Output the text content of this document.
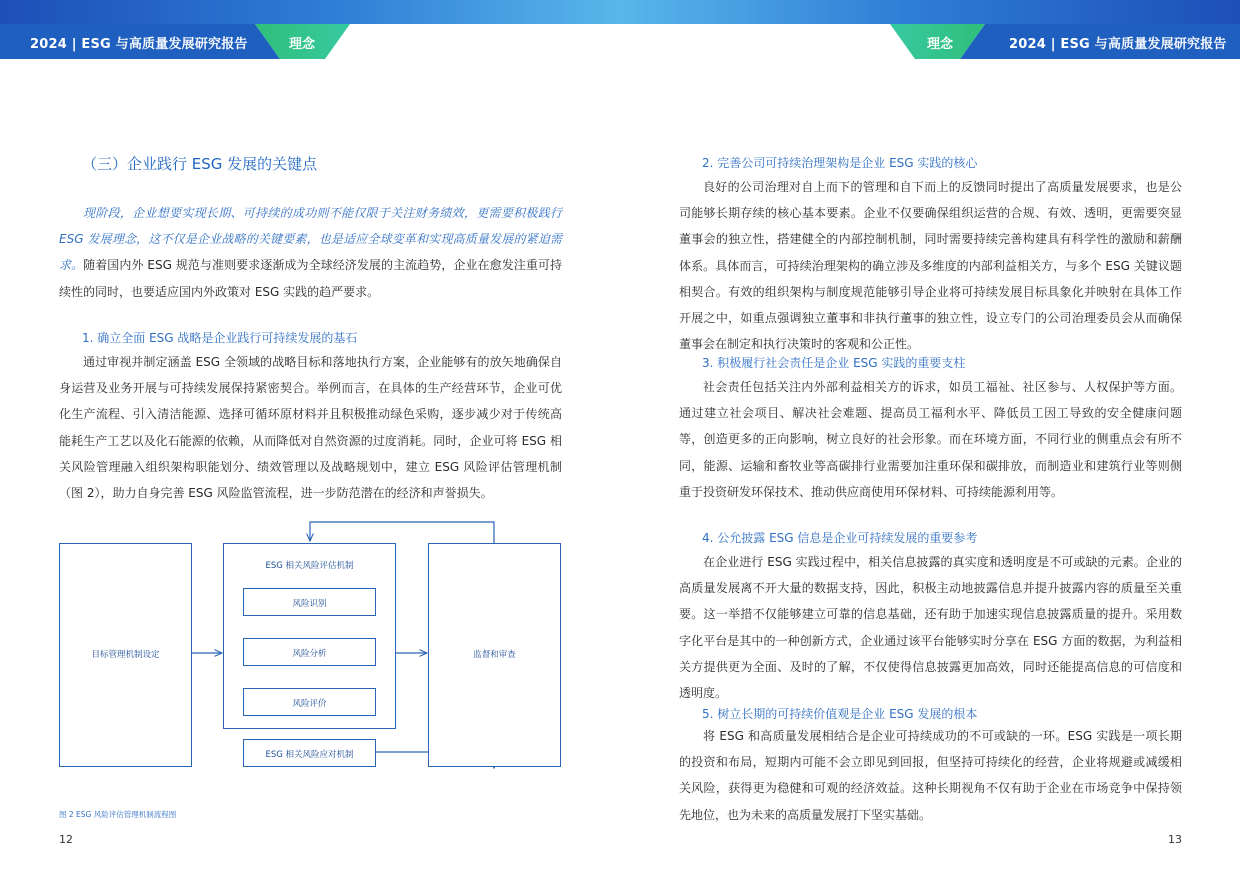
2024 | ESG 与高质量发展研究报告	理念	理念	2024 | ESG 与高质量发展研究报告
（三）企业践行 ESG 发展的关键点

现阶段，企业想要实现长期、可持续的成功则不能仅限于关注财务绩效，更需要积极践行 ESG 发展理念，这不仅是企业战略的关键要素，也是适应全球变革和实现高质量发展的紧迫需求。随着国内外 ESG 规范与准则要求逐渐成为全球经济发展的主流趋势，企业在愈发注重可持续性的同时，也要适应国内外政策对 ESG 实践的趋严要求。

1. 确立全面 ESG 战略是企业践行可持续发展的基石

通过审视并制定涵盖 ESG 全领域的战略目标和落地执行方案，企业能够有的放矢地确保自身运营及业务开展与可持续发展保持紧密契合。举例而言，在具体的生产经营环节，企业可优化生产流程、引入清洁能源、选择可循环原材料并且积极推动绿色采购，逐步减少对于传统高能耗生产工艺以及化石能源的依赖，从而降低对自然资源的过度消耗。同时，企业可将 ESG 相关风险管理融入组织架构职能划分、绩效管理以及战略规划中，建立 ESG 风险评估管理机制（图 2），助力自身完善 ESG 风险监管流程，进一步防范潜在的经济和声誉损失。

目标管理机制设定
ESG 相关风险评估机制
风险识别
风险分析
风险评价
ESG 相关风险应对机制
监督和审查
图 2 ESG 风险评估管理机制流程图
12
2. 完善公司可持续治理架构是企业 ESG 实践的核心

良好的公司治理对自上而下的管理和自下而上的反馈同时提出了高质量发展要求，也是公司能够长期存续的核心基本要素。企业不仅要确保组织运营的合规、有效、透明，更需要突显董事会的独立性，搭建健全的内部控制机制，同时需要持续完善构建具有科学性的激励和薪酬体系。具体而言，可持续治理架构的确立涉及多维度的内部利益相关方，与多个 ESG 关键议题相契合。有效的组织架构与制度规范能够引导企业将可持续发展目标具象化并映射在具体工作开展之中，如重点强调独立董事和非执行董事的独立性，设立专门的公司治理委员会从而确保董事会在制定和执行决策时的客观和公正性。

3. 积极履行社会责任是企业 ESG 实践的重要支柱

社会责任包括关注内外部利益相关方的诉求，如员工福祉、社区参与、人权保护等方面。通过建立社会项目、解决社会难题、提高员工福利水平、降低员工因工导致的安全健康问题等，创造更多的正向影响，树立良好的社会形象。而在环境方面，不同行业的侧重点会有所不同，能源、运输和畜牧业等高碳排行业需要加注重环保和碳排放，而制造业和建筑行业等则侧重于投资研发环保技术、推动供应商使用环保材料、可持续能源利用等。

4. 公允披露 ESG 信息是企业可持续发展的重要参考

在企业进行 ESG 实践过程中，相关信息披露的真实度和透明度是不可或缺的元素。企业的高质量发展离不开大量的数据支持，因此，积极主动地披露信息并提升披露内容的质量至关重要。这一举措不仅能够建立可靠的信息基础，还有助于加速实现信息披露质量的提升。采用数字化平台是其中的一种创新方式，企业通过该平台能够实时分享在 ESG 方面的数据，为利益相关方提供更为全面、及时的了解，不仅使得信息披露更加高效，同时还能提高信息的可信度和透明度。

5. 树立长期的可持续价值观是企业 ESG 发展的根本

将 ESG 和高质量发展相结合是企业可持续成功的不可或缺的一环。ESG 实践是一项长期的投资和布局，短期内可能不会立即见到回报，但坚持可持续化的经营，企业将规避或减缓相关风险，获得更为稳健和可观的经济效益。这种长期视角不仅有助于企业在市场竞争中保持领先地位，也为未来的高质量发展打下坚实基础。

13
